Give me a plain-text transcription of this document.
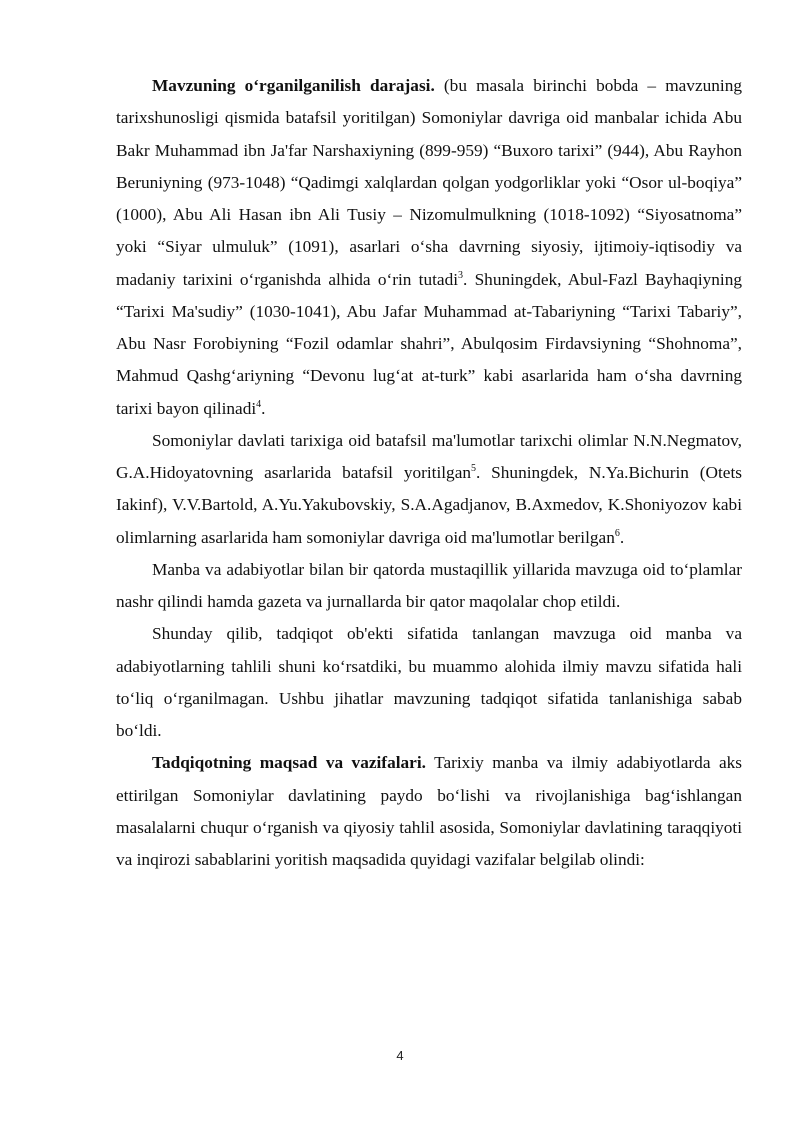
Mavzuning o‘rganilganilish darajasi. (bu masala birinchi bobda – mavzuning tarixshunosligi qismida batafsil yoritilgan) Somoniylar davriga oid manbalar ichida Abu Bakr Muhammad ibn Ja'far Narshaxiyning (899-959) “Buxoro tarixi” (944), Abu Rayhon Beruniyning (973-1048) “Qadimgi xalqlardan qolgan yodgorliklar yoki “Osor ul-boqiya” (1000), Abu Ali Hasan ibn Ali Tusiy – Nizomulmulkning (1018-1092) “Siyosatnoma” yoki “Siyar ulmuluk” (1091), asarlari o‘sha davrning siyosiy, ijtimoiy-iqtisodiy va madaniy tarixini o‘rganishda alhida o‘rin tutadi$^3$. Shuningdek, Abul-Fazl Bayhaqiyning “Tarixi Ma'sudiy” (1030-1041), Abu Jafar Muhammad at-Tabariyning “Tarixi Tabariy”, Abu Nasr Forobiyning “Fozil odamlar shahri”, Abulqosim Firdavsiyning “Shohnoma”, Mahmud Qashg‘ariyning “Devonu lug‘at at-turk” kabi asarlarida ham o‘sha davrning tarixi bayon qilinadi$^4$.

Somoniylar davlati tarixiga oid batafsil ma'lumotlar tarixchi olimlar N.N.Negmatov, G.A.Hidoyatovning asarlarida batafsil yoritilgan$^5$. Shuningdek, N.Ya.Bichurin (Otets Iakinf), V.V.Bartold, A.Yu.Yakubovskiy, S.A.Agadjanov, B.Axmedov, K.Shoniyozov kabi olimlarning asarlarida ham somoniylar davriga oid ma'lumotlar berilgan$^6$.

Manba va adabiyotlar bilan bir qatorda mustaqillik yillarida mavzuga oid to‘plamlar nashr qilindi hamda gazeta va jurnallarda bir qator maqolalar chop etildi.

Shunday qilib, tadqiqot ob'ekti sifatida tanlangan mavzuga oid manba va adabiyotlarning tahlili shuni ko‘rsatdiki, bu muammo alohida ilmiy mavzu sifatida hali to‘liq o‘rganilmagan. Ushbu jihatlar mavzuning tadqiqot sifatida tanlanishiga sabab bo‘ldi.

Tadqiqotning maqsad va vazifalari. Tarixiy manba va ilmiy adabiyotlarda aks ettirilgan Somoniylar davlatining paydo bo‘lishi va rivojlanishiga bag‘ishlangan masalalarni chuqur o‘rganish va qiyosiy tahlil asosida, Somoniylar davlatining taraqqiyoti va inqirozi sabablarini yoritish maqsadida quyidagi vazifalar belgilab olindi:

4
